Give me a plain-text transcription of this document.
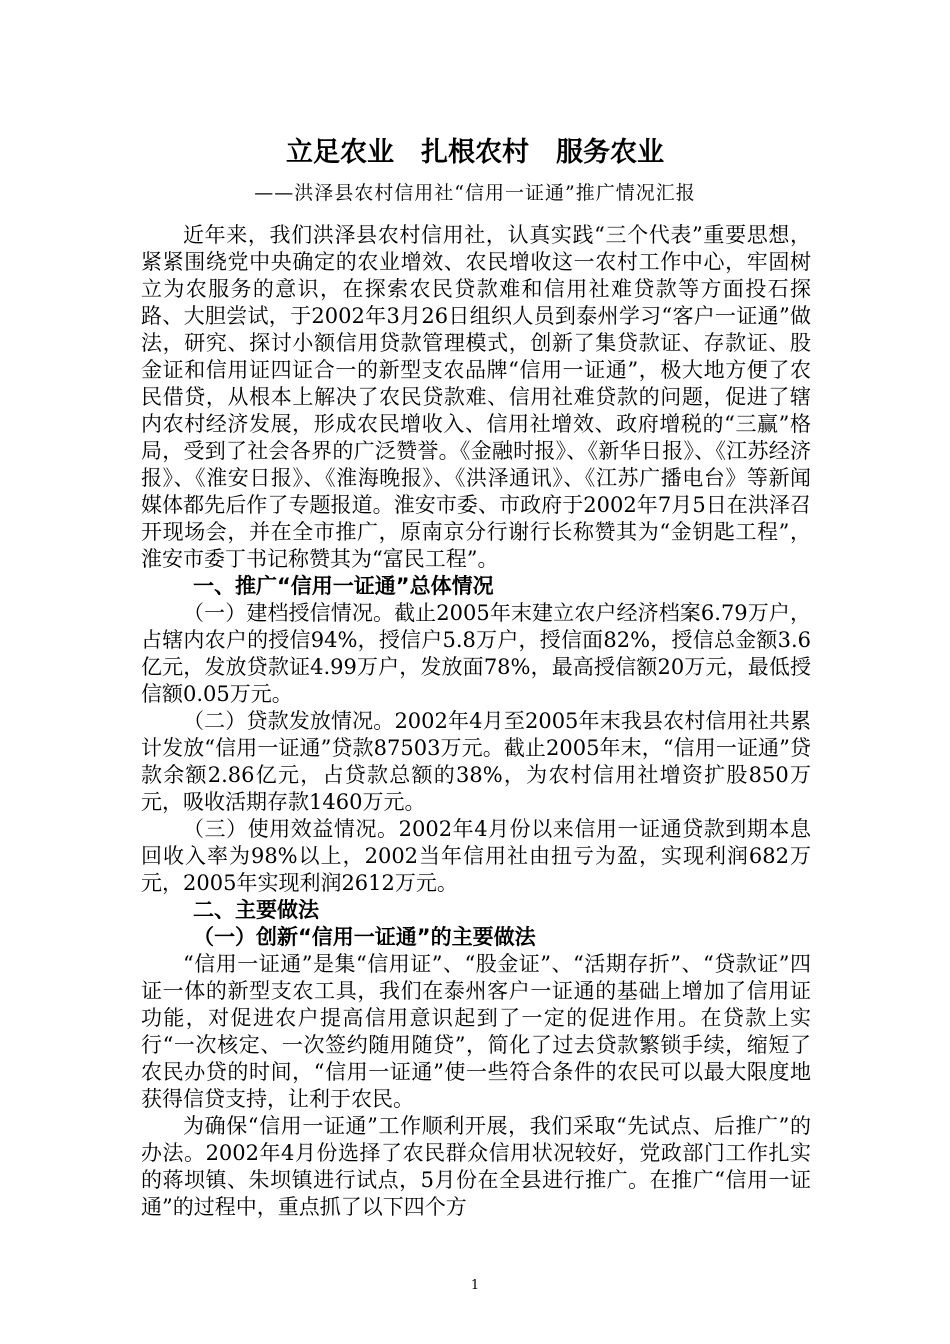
立足农业　扎根农村　服务农业
——洪泽县农村信用社“信用一证通”推广情况汇报

近年来，我们洪泽县农村信用社，认真实践“三个代表”重要思想，紧紧围绕党中央确定的农业增效、农民增收这一农村工作中心，牢固树立为农服务的意识，在探索农民贷款难和信用社难贷款等方面投石探路、大胆尝试，于2002年3月26日组织人员到泰州学习“客户一证通”做法，研究、探讨小额信用贷款管理模式，创新了集贷款证、存款证、股金证和信用证四证合一的新型支农品牌“信用一证通”，极大地方便了农民借贷，从根本上解决了农民贷款难、信用社难贷款的问题，促进了辖内农村经济发展，形成农民增收入、信用社增效、政府增税的“三赢”格局，受到了社会各界的广泛赞誉。《金融时报》、《新华日报》、《江苏经济报》、《淮安日报》、《淮海晚报》、《洪泽通讯》、《江苏广播电台》等新闻媒体都先后作了专题报道。淮安市委、市政府于2002年7月5日在洪泽召开现场会，并在全市推广，原南京分行谢行长称赞其为“金钥匙工程”，淮安市委丁书记称赞其为“富民工程”。

一、推广“信用一证通”总体情况

（一）建档授信情况。截止2005年末建立农户经济档案6.79万户，占辖内农户的授信94%，授信户5.8万户，授信面82%，授信总金额3.6亿元，发放贷款证4.99万户，发放面78%，最高授信额20万元，最低授信额0.05万元。

（二）贷款发放情况。2002年4月至2005年末我县农村信用社共累计发放“信用一证通”贷款87503万元。截止2005年末，“信用一证通”贷款余额2.86亿元，占贷款总额的38%，为农村信用社增资扩股850万元，吸收活期存款1460万元。

（三）使用效益情况。2002年4月份以来信用一证通贷款到期本息回收入率为98%以上，2002当年信用社由扭亏为盈，实现利润682万元，2005年实现利润2612万元。

二、主要做法
（一）创新“信用一证通”的主要做法

“信用一证通”是集“信用证”、“股金证”、“活期存折”、“贷款证”四证一体的新型支农工具，我们在泰州客户一证通的基础上增加了信用证功能，对促进农户提高信用意识起到了一定的促进作用。在贷款上实行“一次核定、一次签约随用随贷”，简化了过去贷款繁锁手续，缩短了农民办贷的时间，“信用一证通”使一些符合条件的农民可以最大限度地获得信贷支持，让利于农民。

为确保“信用一证通”工作顺利开展，我们采取“先试点、后推广”的办法。2002年4月份选择了农民群众信用状况较好，党政部门工作扎实的蒋坝镇、朱坝镇进行试点，5月份在全县进行推广。在推广“信用一证通”的过程中，重点抓了以下四个方

1
